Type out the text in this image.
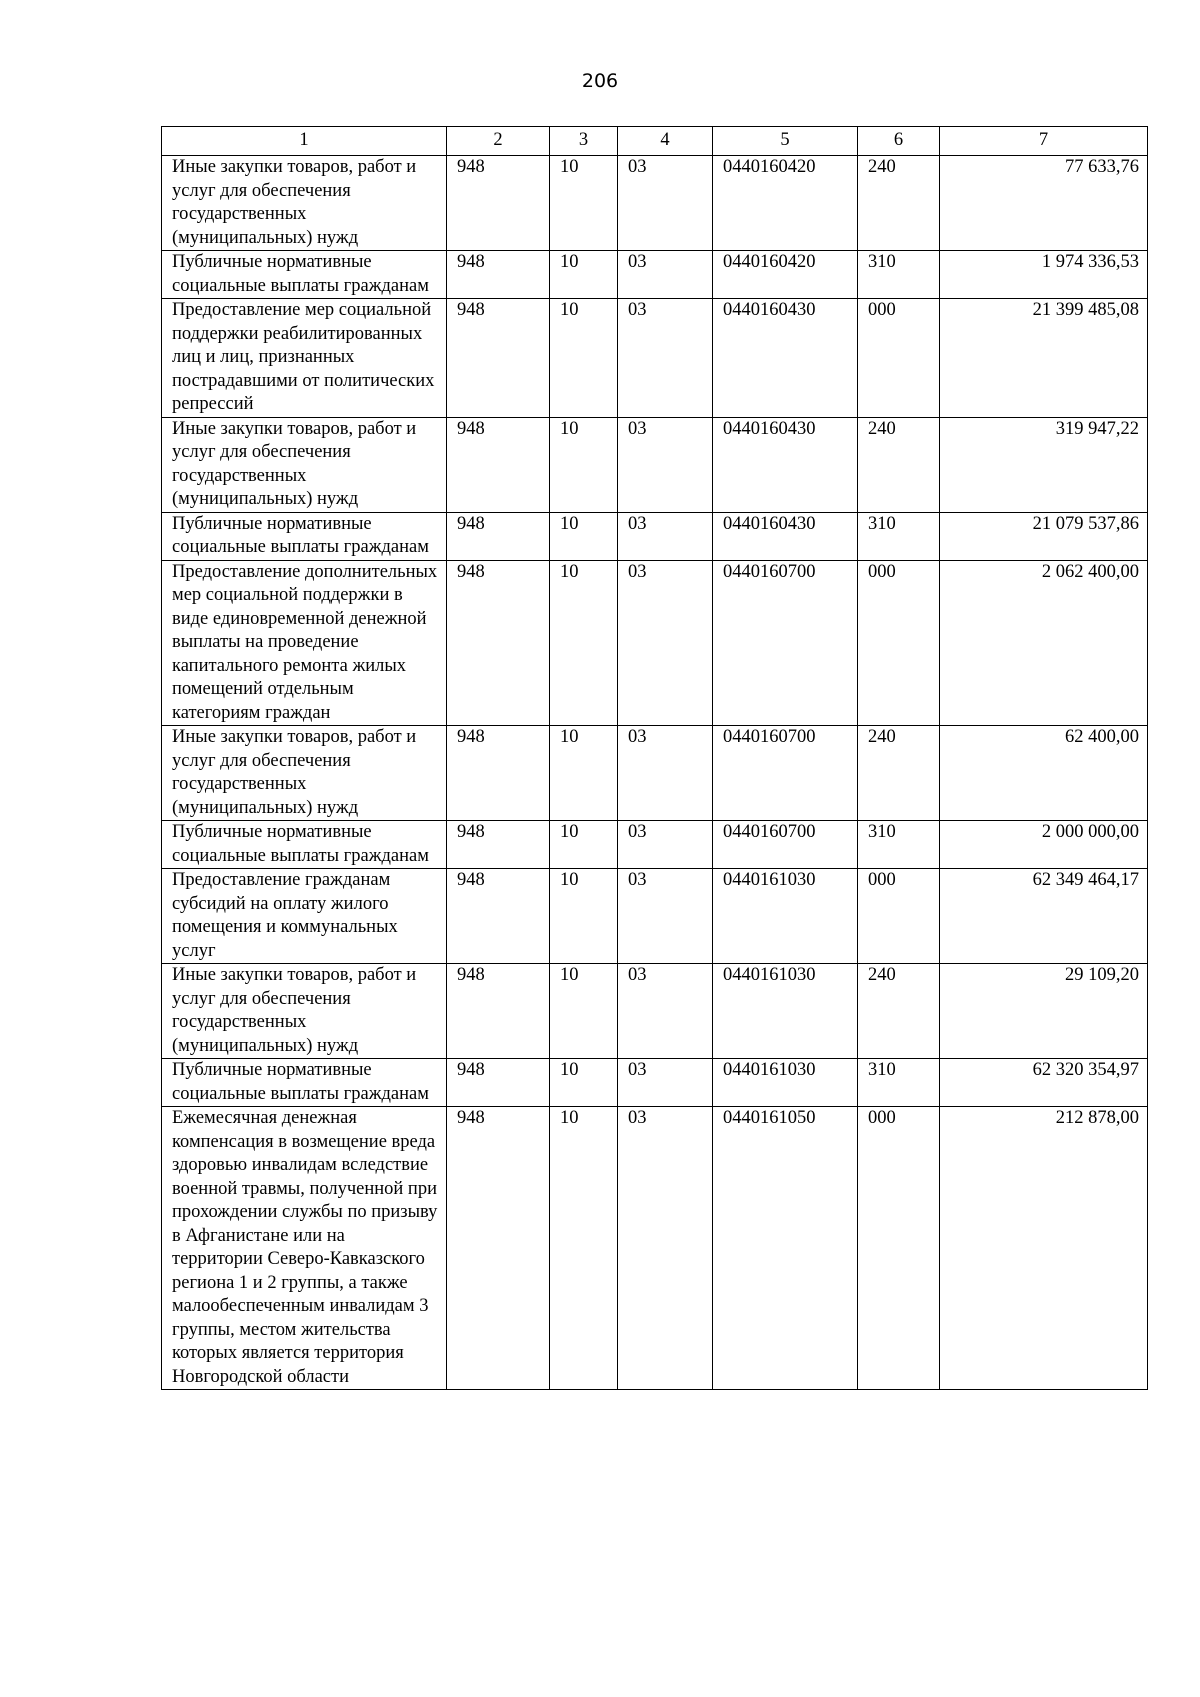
206
1	2	3	4	5	6	7
Иные закупки товаров, работ и услуг для обеспечения государственных (муниципальных) нужд	948	10	03	0440160420	240	77 633,76
Публичные нормативные социальные выплаты гражданам	948	10	03	0440160420	310	1 974 336,53
Предоставление мер социальной поддержки реабилитированных лиц и лиц, признанных пострадавшими от политических репрессий	948	10	03	0440160430	000	21 399 485,08
Иные закупки товаров, работ и услуг для обеспечения государственных (муниципальных) нужд	948	10	03	0440160430	240	319 947,22
Публичные нормативные социальные выплаты гражданам	948	10	03	0440160430	310	21 079 537,86
Предоставление дополнительных мер социальной поддержки в виде единовременной денежной выплаты на проведение капитального ремонта жилых помещений отдельным категориям граждан	948	10	03	0440160700	000	2 062 400,00
Иные закупки товаров, работ и услуг для обеспечения государственных (муниципальных) нужд	948	10	03	0440160700	240	62 400,00
Публичные нормативные социальные выплаты гражданам	948	10	03	0440160700	310	2 000 000,00
Предоставление гражданам субсидий на оплату жилого помещения и коммунальных услуг	948	10	03	0440161030	000	62 349 464,17
Иные закупки товаров, работ и услуг для обеспечения государственных (муниципальных) нужд	948	10	03	0440161030	240	29 109,20
Публичные нормативные социальные выплаты гражданам	948	10	03	0440161030	310	62 320 354,97
Ежемесячная денежная компенсация в возмещение вреда здоровью инвалидам вследствие военной травмы, полученной при прохождении службы по призыву в Афганистане или на территории Северо-Кавказского региона 1 и 2 группы, а также малообеспеченным инвалидам 3 группы, местом жительства которых является территория Новгородской области	948	10	03	0440161050	000	212 878,00
